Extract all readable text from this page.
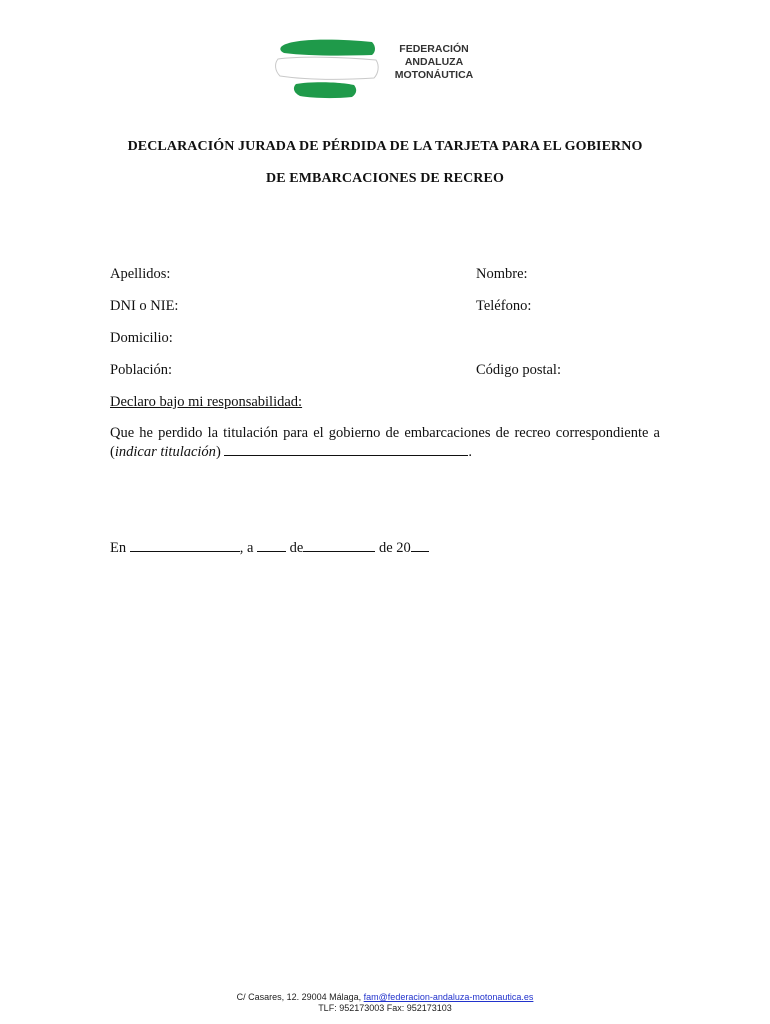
FEDERACIÓN
ANDALUZA
MOTONÁUTICA
DECLARACIÓN JURADA DE PÉRDIDA DE LA TARJETA PARA EL GOBIERNO
DE EMBARCACIONES DE RECREO
Apellidos:	Nombre:
DNI o NIE:	Teléfono:
Domicilio:
Población:	Código postal:
Declaro bajo mi responsabilidad:
Que he perdido la titulación para el gobierno de embarcaciones de recreo correspondiente a (indicar titulación)	.
En	, a  de	de 20
C/ Casares, 12. 29004 Málaga, fam@federacion-andaluza-motonautica.es
TLF: 952173003 Fax: 952173103
